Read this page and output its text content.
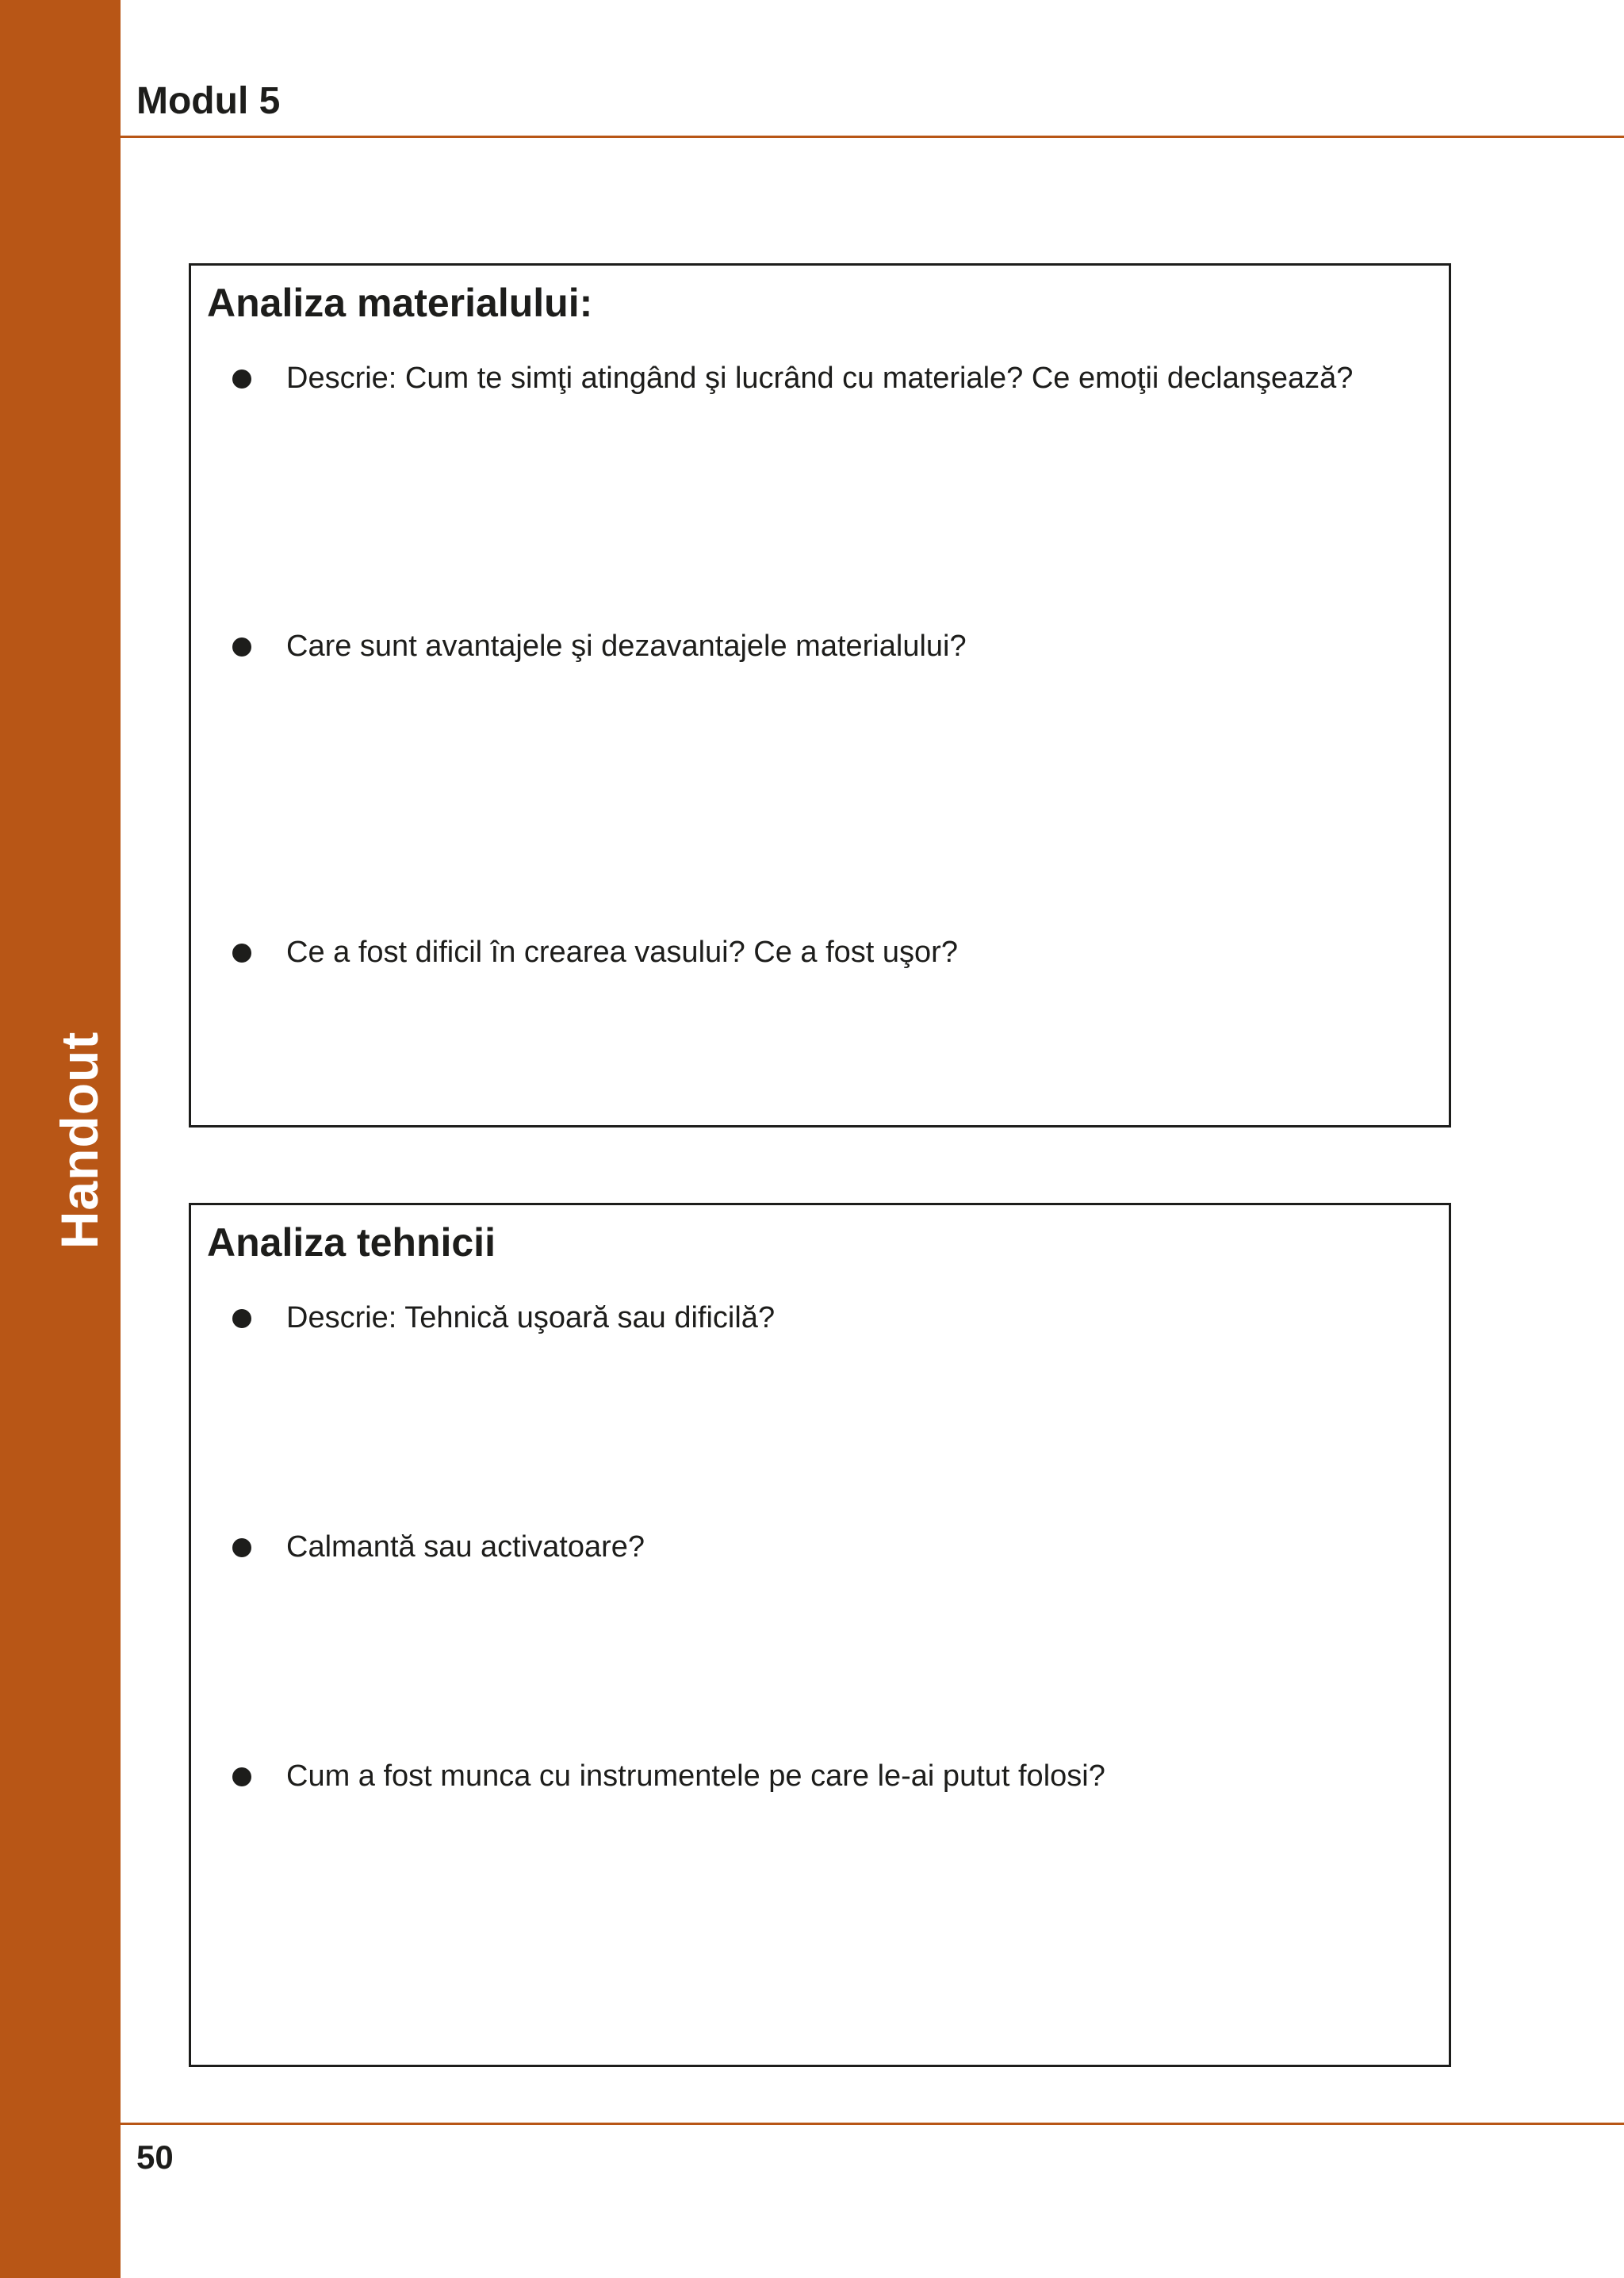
Handout
Modul 5
Analiza materialului:
Descrie: Cum te simţi atingând şi lucrând cu materiale? Ce emoţii declanşează?
Care sunt avantajele şi dezavantajele materialului?
Ce a fost dificil în crearea vasului? Ce a fost uşor?
Analiza tehnicii
Descrie: Tehnică uşoară sau dificilă?
Calmantă sau activatoare?
Cum a fost munca cu instrumentele pe care le-ai putut folosi?
50
